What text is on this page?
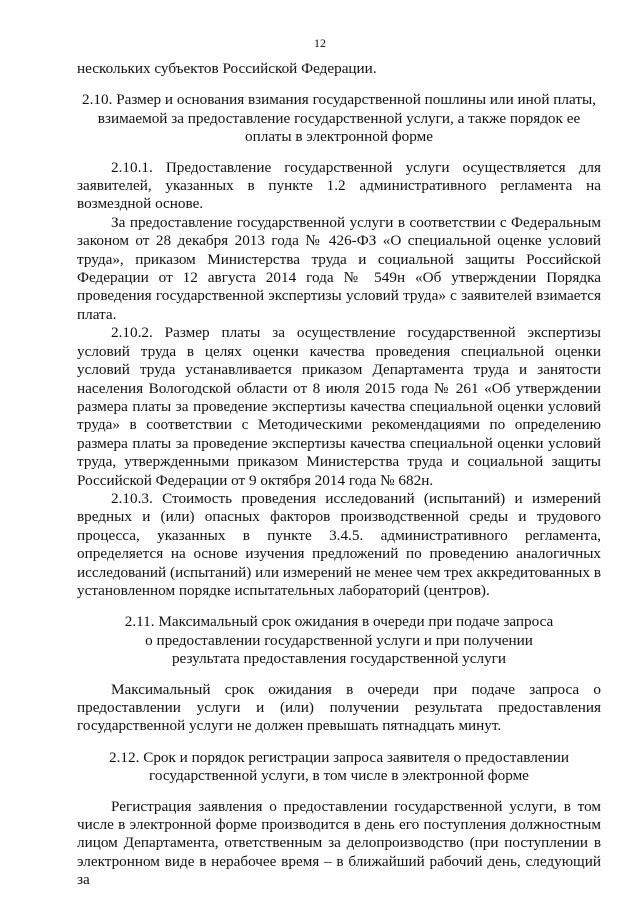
12

нескольких субъектов Российской Федерации.

2.10. Размер и основания взимания государственной пошлины или иной платы, взимаемой за предоставление государственной услуги, а также порядок ее оплаты в электронной форме

2.10.1. Предоставление государственной услуги осуществляется для заявителей, указанных в пункте 1.2 административного регламента на возмездной основе.

За предоставление государственной услуги в соответствии с Федеральным законом от 28 декабря 2013 года № 426-ФЗ «О специальной оценке условий труда», приказом Министерства труда и социальной защиты Российской Федерации от 12 августа 2014 года № 549н «Об утверждении Порядка проведения государственной экспертизы условий труда» с заявителей взимается плата.

2.10.2. Размер платы за осуществление государственной экспертизы условий труда в целях оценки качества проведения специальной оценки условий труда устанавливается приказом Департамента труда и занятости населения Вологодской области от 8 июля 2015 года № 261 «Об утверждении размера платы за проведение экспертизы качества специальной оценки условий труда» в соответствии с Методическими рекомендациями по определению размера платы за проведение экспертизы качества специальной оценки условий труда, утвержденными приказом Министерства труда и социальной защиты Российской Федерации от 9 октября 2014 года № 682н.

2.10.3. Стоимость проведения исследований (испытаний) и измерений вредных и (или) опасных факторов производственной среды и трудового процесса, указанных в пункте 3.4.5. административного регламента, определяется на основе изучения предложений по проведению аналогичных исследований (испытаний) или измерений не менее чем трех аккредитованных в установленном порядке испытательных лабораторий (центров).

2.11. Максимальный срок ожидания в очереди при подаче запроса
о предоставлении государственной услуги и при получении
результата предоставления государственной услуги

Максимальный срок ожидания в очереди при подаче запроса о предоставлении услуги и (или) получении результата предоставления государственной услуги не должен превышать пятнадцать минут.

2.12. Срок и порядок регистрации запроса заявителя о предоставлении
государственной услуги, в том числе в электронной форме

Регистрация заявления о предоставлении государственной услуги, в том числе в электронной форме производится в день его поступления должностным лицом Департамента, ответственным за делопроизводство (при поступлении в электронном виде в нерабочее время – в ближайший рабочий день, следующий за
